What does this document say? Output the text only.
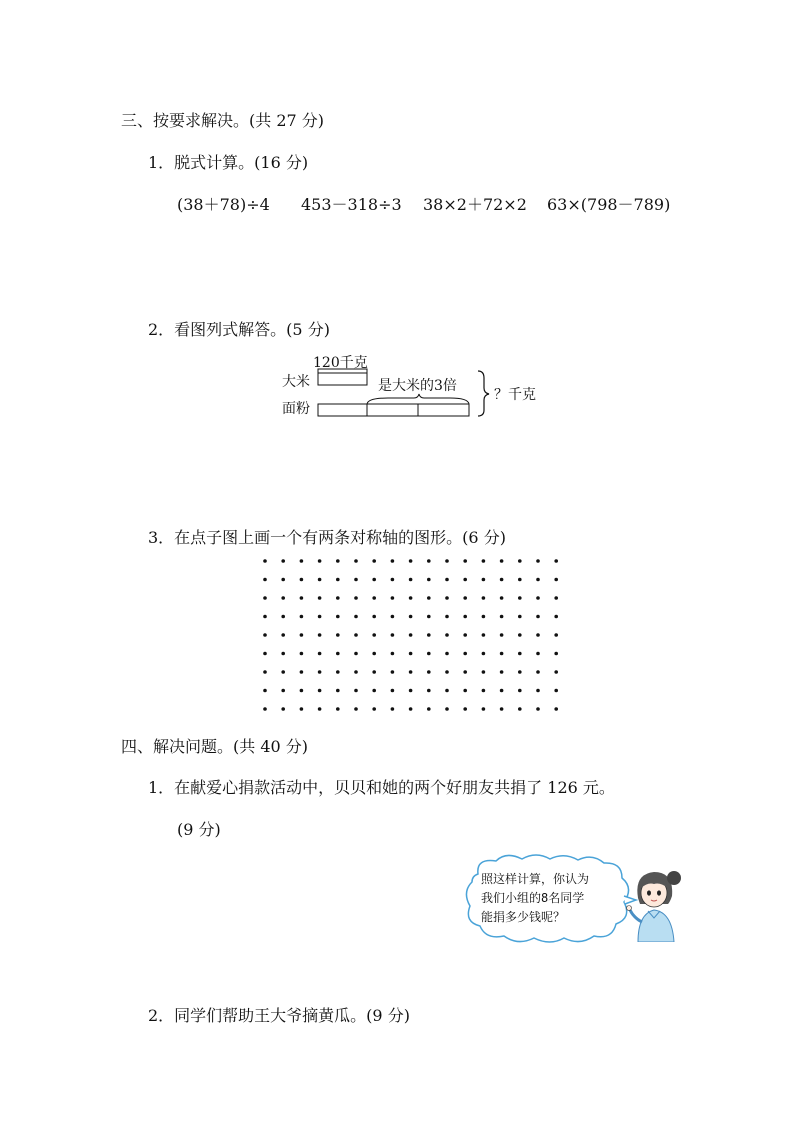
三、按要求解决。(共 27 分)
1．脱式计算。(16 分)
(38＋78)÷4 453－318÷3 38×2＋72×2 63×(798－789)
2．看图列式解答。(5 分)
120千克
大米	是大米的3倍
面粉
？千克
3．在点子图上画一个有两条对称轴的图形。(6 分)
四、解决问题。(共 40 分)
1．在献爱心捐款活动中，贝贝和她的两个好朋友共捐了 126 元。
(9 分)
照这样计算，你认为
我们小组的8名同学
能捐多少钱呢？
2．同学们帮助王大爷摘黄瓜。(9 分)
